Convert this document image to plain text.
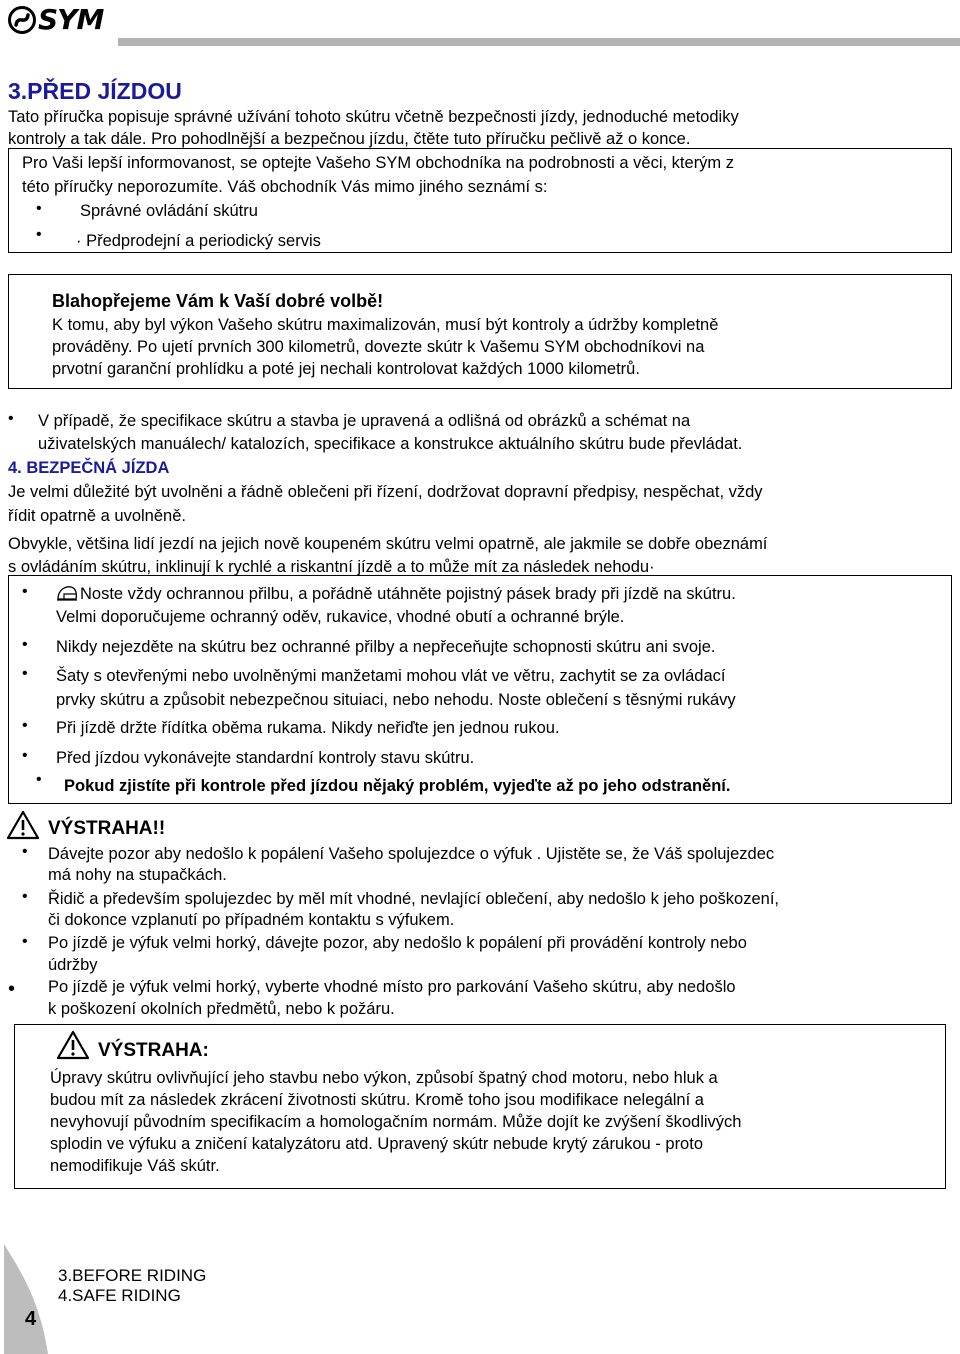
SYM
3.PŘED JÍZDOU
Tato příručka popisuje správné užívání tohoto skútru včetně bezpečnosti jízdy, jednoduché metodiky
kontroly a tak dále. Pro pohodlnější a bezpečnou jízdu, čtěte tuto příručku pečlivě až o konce.
Pro Vaši lepší informovanost, se optejte Vašeho SYM obchodníka na podrobnosti a věci, kterým z
této příručky neporozumíte. Váš obchodník Vás mimo jiného seznámí s:
• Správné ovládání skútru
• · Předprodejní a periodický servis
Blahopřejeme Vám k Vaší dobré volbě!
K tomu, aby byl výkon Vašeho skútru maximalizován, musí být kontroly a údržby kompletně
prováděny. Po ujetí prvních 300 kilometrů, dovezte skútr k Vašemu SYM obchodníkovi na
prvotní garanční prohlídku a poté jej nechali kontrolovat každých 1000 kilometrů.
• V případě, že specifikace skútru a stavba je upravená a odlišná od obrázků a schémat na
uživatelských manuálech/ katalozích, specifikace a konstrukce aktuálního skútru bude převládat.
4. BEZPEČNÁ JÍZDA
Je velmi důležité být uvolněni a řádně oblečeni při řízení, dodržovat dopravní předpisy, nespěchat, vždy
řídit opatrně a uvolněně.
Obvykle, většina lidí jezdí na jejich nově koupeném skútru velmi opatrně, ale jakmile se dobře obeznámí
s ovládáním skútru, inklinují k rychlé a riskantní jízdě a to může mít za následek nehodu·
•	Noste vždy ochrannou přilbu, a pořádně utáhněte pojistný pásek brady při jízdě na skútru.
Velmi doporučujeme ochranný oděv, rukavice, vhodné obutí a ochranné brýle.
• Nikdy nejezděte na skútru bez ochranné přilby a nepřeceňujte schopnosti skútru ani svoje.
• Šaty s otevřenými nebo uvolněnými manžetami mohou vlát ve větru, zachytit se za ovládací
prvky skútru a způsobit nebezpečnou situiaci, nebo nehodu. Noste oblečení s těsnými rukávy
• Při jízdě držte řídítka oběma rukama. Nikdy neřiďte jen jednou rukou.
• Před jízdou vykonávejte standardní kontroly stavu skútru.
• Pokud zjistíte při kontrole před jízdou nějaký problém, vyjeďte až po jeho odstranění.
VÝSTRAHA!!
• Dávejte pozor aby nedošlo k popálení Vašeho spolujezdce o výfuk . Ujistěte se, že Váš spolujezdec
má nohy na stupačkách.
• Řidič a především spolujezdec by měl mít vhodné, nevlající oblečení, aby nedošlo k jeho poškození,
či dokonce vzplanutí po případném kontaktu s výfukem.
• Po jízdě je výfuk velmi horký, dávejte pozor, aby nedošlo k popálení při provádění kontroly nebo
údržby
• Po jízdě je výfuk velmi horký, vyberte vhodné místo pro parkování Vašeho skútru, aby nedošlo
k poškození okolních předmětů, nebo k požáru.
VÝSTRAHA:
Úpravy skútru ovlivňující jeho stavbu nebo výkon, způsobí špatný chod motoru, nebo hluk a
budou mít za následek zkrácení životnosti skútru. Kromě toho jsou modifikace nelegální a
nevyhovují původním specifikacím a homologačním normám. Může dojít ke zvýšení škodlivých
splodin ve výfuku a zničení katalyzátoru atd. Upravený skútr nebude krytý zárukou - proto
nemodifikuje Váš skútr.
4
3.BEFORE RIDING
4.SAFE RIDING
